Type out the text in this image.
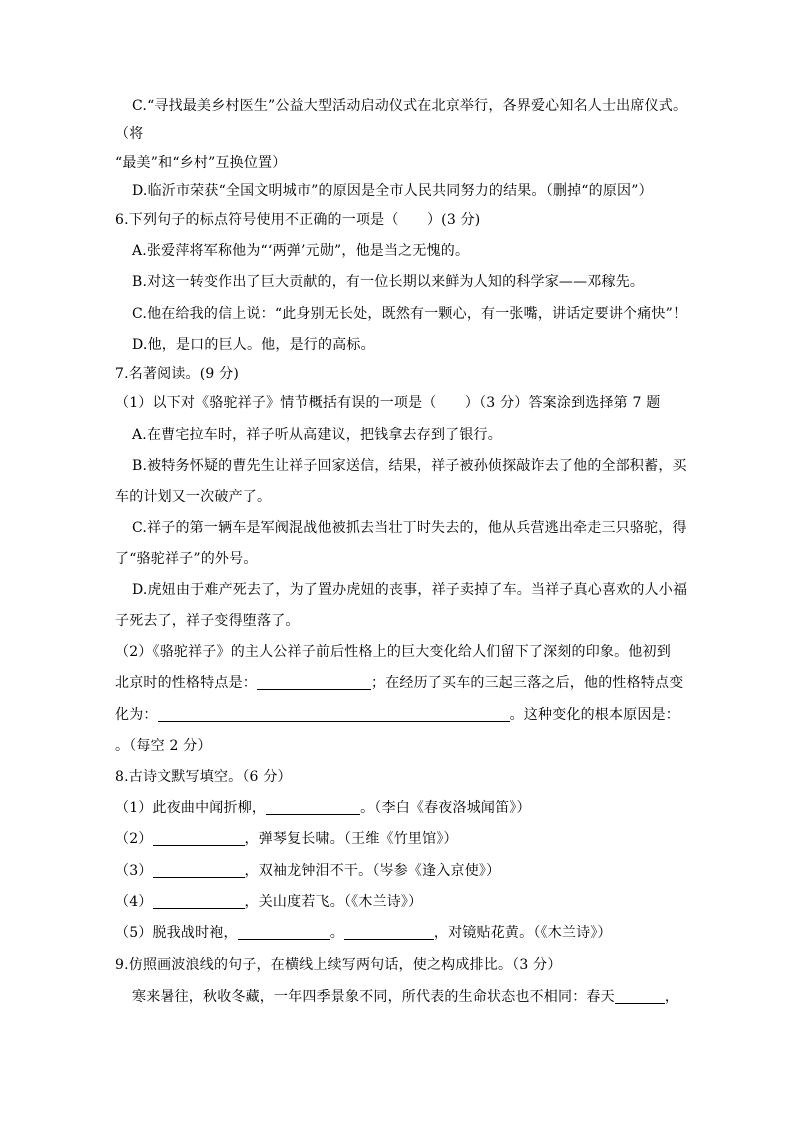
C.“寻找最美乡村医生”公益大型活动启动仪式在北京举行，各界爱心知名人士出席仪式。
（将
“最美”和“乡村”互换位置）
D.临沂市荣获“全国文明城市”的原因是全市人民共同努力的结果。（删掉“的原因”）
6.下列句子的标点符号使用不正确的一项是（　　）(3 分)
A.张爱萍将军称他为“‘两弹’元勋”，他是当之无愧的。
B.对这一转变作出了巨大贡献的，有一位长期以来鲜为人知的科学家——邓稼先。
C.他在给我的信上说：“此身别无长处，既然有一颗心，有一张嘴，讲话定要讲个痛快”！
D.他，是口的巨人。他，是行的高标。
7.名著阅读。(9 分)
（1）以下对《骆驼祥子》情节概括有误的一项是（　　）（3 分）答案涂到选择第 7 题
A.在曹宅拉车时，祥子听从高建议，把钱拿去存到了银行。
B.被特务怀疑的曹先生让祥子回家送信，结果，祥子被孙侦探敲诈去了他的全部积蓄，买
车的计划又一次破产了。
C.祥子的第一辆车是军阀混战他被抓去当壮丁时失去的，他从兵营逃出牵走三只骆驼，得
了“骆驼祥子”的外号。
D.虎妞由于难产死去了，为了置办虎妞的丧事，祥子卖掉了车。当祥子真心喜欢的人小福
子死去了，祥子变得堕落了。
（2）《骆驼祥子》的主人公祥子前后性格上的巨大变化给人们留下了深刻的印象。他初到
北京时的性格特点是：	；在经历了买车的三起三落之后，他的性格特点变
化为：	。这种变化的根本原因是：
。（每空 2 分）
8.古诗文默写填空。（6 分）
（1）此夜曲中闻折柳，	。（李白《春夜洛城闻笛》）
（2）	，弹琴复长啸。（王维《竹里馆》）
（3）	，双袖龙钟泪不干。（岑参《逢入京使》）
（4）	，关山度若飞。（《木兰诗》）
（5）脱我战时袍，	。	，对镜贴花黄。（《木兰诗》）
9.仿照画波浪线的句子，在横线上续写两句话，使之构成排比。（3 分）
寒来暑往，秋收冬藏，一年四季景象不同，所代表的生命状态也不相同：春天	，
